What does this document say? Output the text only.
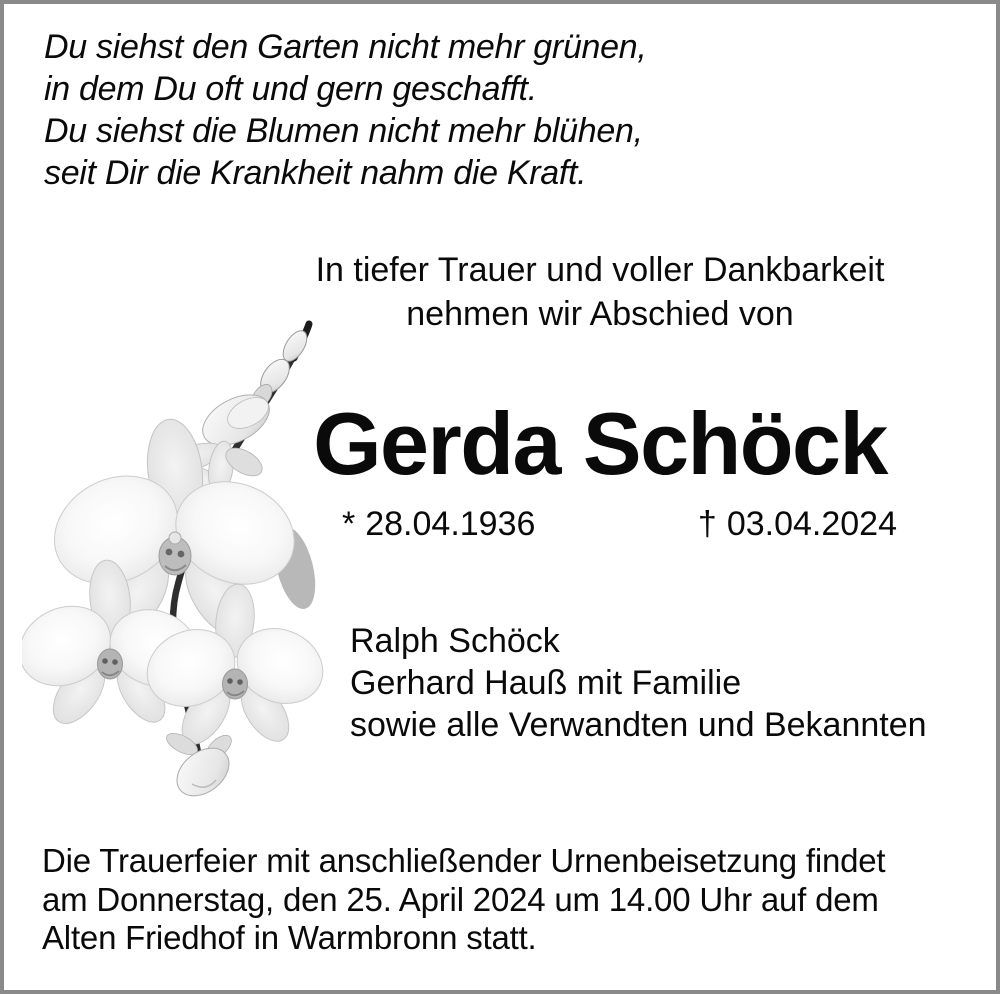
Du siehst den Garten nicht mehr grünen,
in dem Du oft und gern geschafft.
Du siehst die Blumen nicht mehr blühen,
seit Dir die Krankheit nahm die Kraft.
In tiefer Trauer und voller Dankbarkeit
nehmen wir Abschied von
Gerda Schöck
* 28.04.1936	† 03.04.2024
Ralph Schöck
Gerhard Hauß mit Familie
sowie alle Verwandten und Bekannten
Die Trauerfeier mit anschließender Urnenbeisetzung findet
am Donnerstag, den 25. April 2024 um 14.00 Uhr auf dem
Alten Friedhof in Warmbronn statt.
